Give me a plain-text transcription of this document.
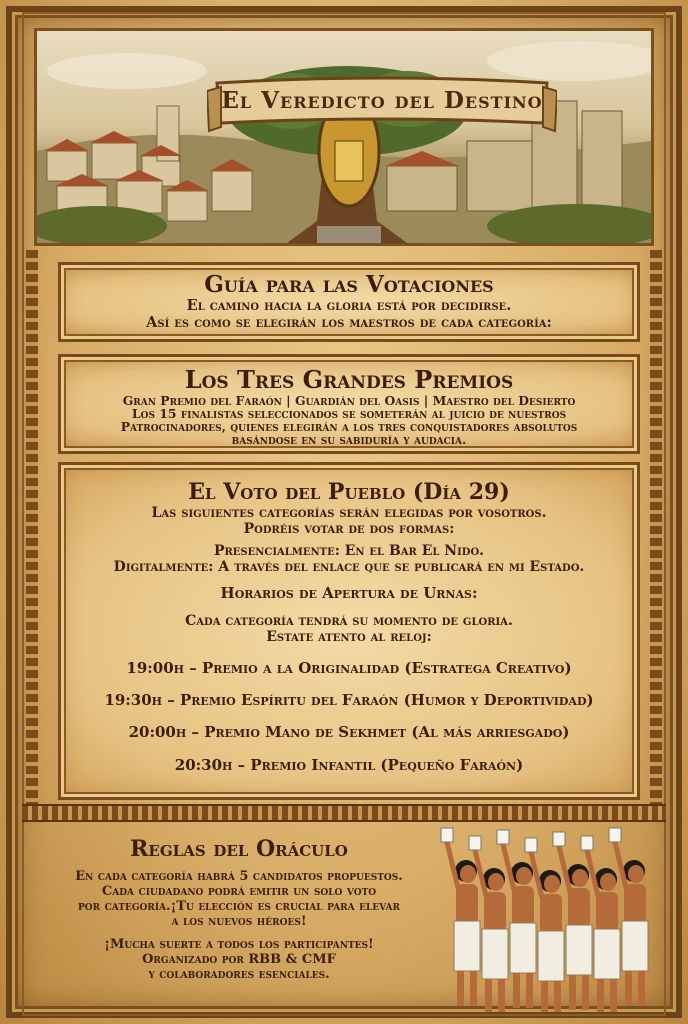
El Veredicto del Destino
Guía para las Votaciones
El camino hacia la gloria está por decidirse.
Así es como se elegirán los maestros de cada categoría:
Los Tres Grandes Premios
Gran Premio del Faraón | Guardián del Oasis | Maestro del Desierto
Los 15 finalistas seleccionados se someterán al juicio de nuestros
Patrocinadores, quienes elegirán a los tres conquistadores absolutos
basándose en su sabiduría y audacia.
El Voto del Pueblo (Día 29)
Las siguientes categorías serán elegidas por vosotros.
Podréis votar de dos formas:
Presencialmente: En el Bar El Nido.
Digitalmente: A través del enlace que se publicará en mi Estado.
Horarios de Apertura de Urnas:
Cada categoría tendrá su momento de gloria.
Estate atento al reloj:
19:00h – Premio a la Originalidad (Estratega Creativo)
19:30h – Premio Espíritu del Faraón (Humor y Deportividad)
20:00h – Premio Mano de Sekhmet (Al más arriesgado)
20:30h – Premio Infantil (Pequeño Faraón)
Reglas del Oráculo
En cada categoría habrá 5 candidatos propuestos.
Cada ciudadano podrá emitir un solo voto
por categoría.¡Tu elección es crucial para elevar
a los nuevos héroes!
¡Mucha suerte a todos los participantes!
Organizado por RBB & CMF
y colaboradores esenciales.
